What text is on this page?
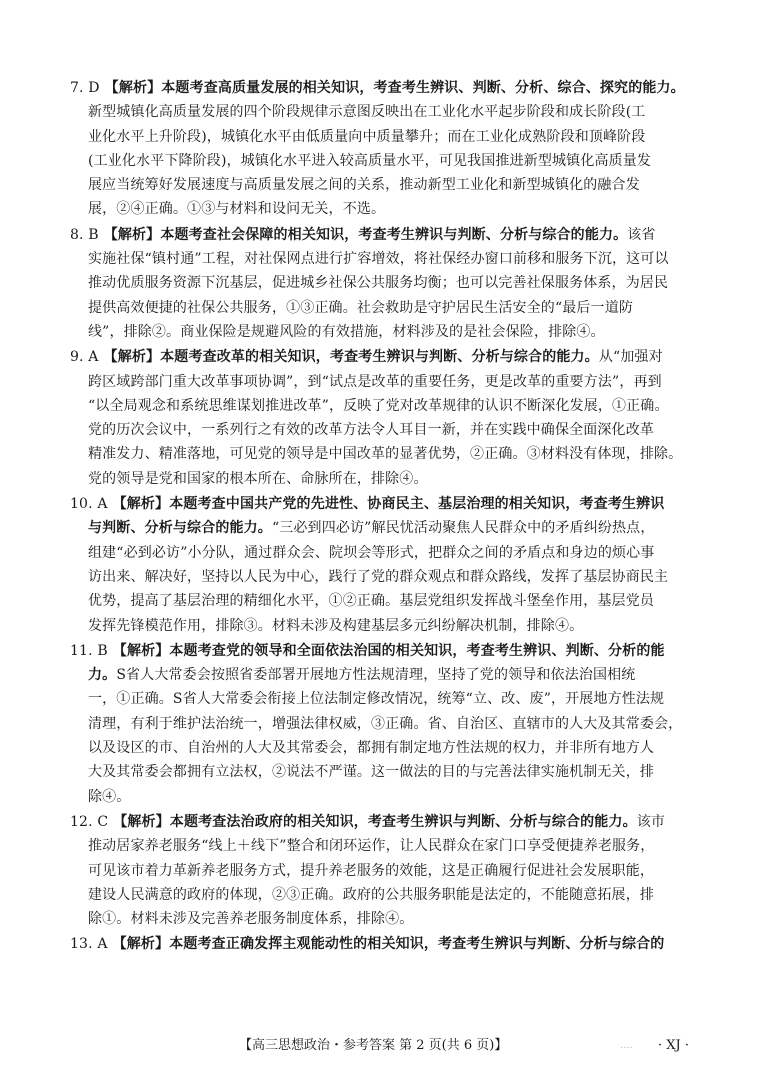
7. D 【解析】本题考查高质量发展的相关知识，考查考生辨识、判断、分析、综合、探究的能力。
新型城镇化高质量发展的四个阶段规律示意图反映出在工业化水平起步阶段和成长阶段(工
业化水平上升阶段)，城镇化水平由低质量向中质量攀升；而在工业化成熟阶段和顶峰阶段
(工业化水平下降阶段)，城镇化水平进入较高质量水平，可见我国推进新型城镇化高质量发
展应当统筹好发展速度与高质量发展之间的关系，推动新型工业化和新型城镇化的融合发
展，②④正确。①③与材料和设问无关，不选。
8. B 【解析】本题考查社会保障的相关知识，考查考生辨识与判断、分析与综合的能力。该省
实施社保“镇村通”工程，对社保网点进行扩容增效，将社保经办窗口前移和服务下沉，这可以
推动优质服务资源下沉基层，促进城乡社保公共服务均衡；也可以完善社保服务体系，为居民
提供高效便捷的社保公共服务，①③正确。社会救助是守护居民生活安全的“最后一道防
线”，排除②。商业保险是规避风险的有效措施，材料涉及的是社会保险，排除④。
9. A 【解析】本题考查改革的相关知识，考查考生辨识与判断、分析与综合的能力。从“加强对
跨区域跨部门重大改革事项协调”，到“试点是改革的重要任务，更是改革的重要方法”，再到
“以全局观念和系统思维谋划推进改革”，反映了党对改革规律的认识不断深化发展，①正确。
党的历次会议中，一系列行之有效的改革方法令人耳目一新，并在实践中确保全面深化改革
精准发力、精准落地，可见党的领导是中国改革的显著优势，②正确。③材料没有体现，排除。
党的领导是党和国家的根本所在、命脉所在，排除④。
10. A 【解析】本题考查中国共产党的先进性、协商民主、基层治理的相关知识，考查考生辨识
与判断、分析与综合的能力。“三必到四必访”解民忧活动聚焦人民群众中的矛盾纠纷热点，
组建“必到必访”小分队，通过群众会、院坝会等形式，把群众之间的矛盾点和身边的烦心事
访出来、解决好，坚持以人民为中心，践行了党的群众观点和群众路线，发挥了基层协商民主
优势，提高了基层治理的精细化水平，①②正确。基层党组织发挥战斗堡垒作用，基层党员
发挥先锋模范作用，排除③。材料未涉及构建基层多元纠纷解决机制，排除④。
11. B 【解析】本题考查党的领导和全面依法治国的相关知识，考查考生辨识、判断、分析的能
力。S省人大常委会按照省委部署开展地方性法规清理，坚持了党的领导和依法治国相统
一，①正确。S省人大常委会衔接上位法制定修改情况，统筹“立、改、废”，开展地方性法规
清理，有利于维护法治统一，增强法律权威，③正确。省、自治区、直辖市的人大及其常委会，
以及设区的市、自治州的人大及其常委会，都拥有制定地方性法规的权力，并非所有地方人
大及其常委会都拥有立法权，②说法不严谨。这一做法的目的与完善法律实施机制无关，排
除④。
12. C 【解析】本题考查法治政府的相关知识，考查考生辨识与判断、分析与综合的能力。该市
推动居家养老服务“线上＋线下”整合和闭环运作，让人民群众在家门口享受便捷养老服务，
可见该市着力革新养老服务方式，提升养老服务的效能，这是正确履行促进社会发展职能，
建设人民满意的政府的体现，②③正确。政府的公共服务职能是法定的，不能随意拓展，排
除①。材料未涉及完善养老服务制度体系，排除④。
13. A 【解析】本题考查正确发挥主观能动性的相关知识，考查考生辨识与判断、分析与综合的
【高三思想政治・参考答案 第 2 页(共 6 页)】	.... · XJ ·
